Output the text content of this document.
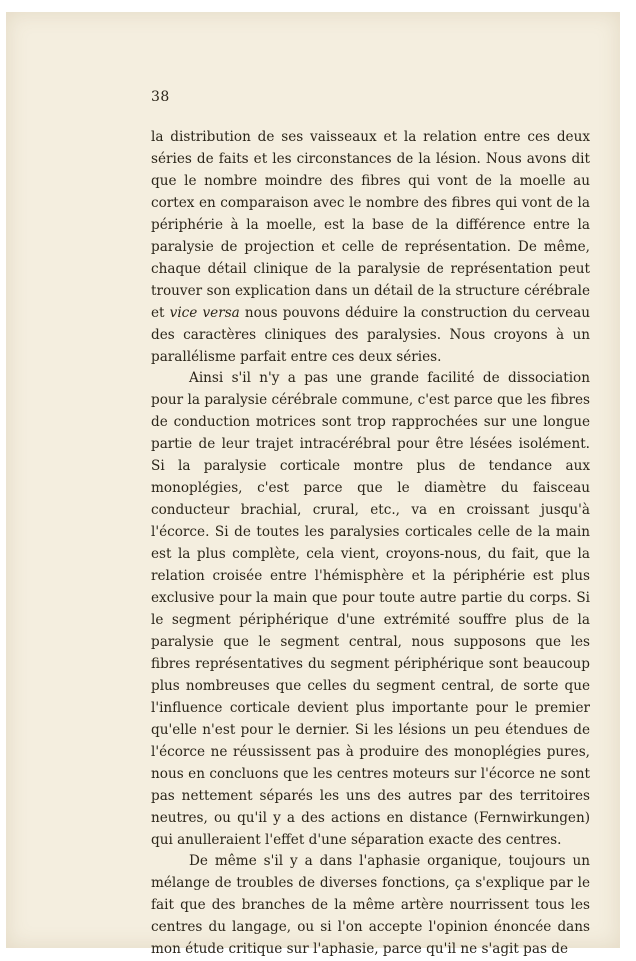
38

la distribution de ses vaisseaux et la relation entre ces deux séries de faits et les circonstances de la lésion. Nous avons dit que le nombre moindre des fibres qui vont de la moelle au cortex en comparaison avec le nombre des fibres qui vont de la périphérie à la moelle, est la base de la différence entre la paralysie de projection et celle de représentation. De même, chaque détail clinique de la paralysie de représentation peut trouver son explication dans un détail de la structure cérébrale et vice versa nous pouvons déduire la construction du cerveau des caractères cliniques des paralysies. Nous croyons à un parallélisme parfait entre ces deux séries.

Ainsi s'il n'y a pas une grande facilité de dissociation pour la paralysie cérébrale commune, c'est parce que les fibres de conduction motrices sont trop rapprochées sur une longue partie de leur trajet intracérébral pour être lésées isolément. Si la paralysie corticale montre plus de tendance aux monoplégies, c'est parce que le diamètre du faisceau conducteur brachial, crural, etc., va en croissant jusqu'à l'écorce. Si de toutes les paralysies corticales celle de la main est la plus complète, cela vient, croyons-nous, du fait, que la relation croisée entre l'hémisphère et la périphérie est plus exclusive pour la main que pour toute autre partie du corps. Si le segment périphérique d'une extrémité souffre plus de la paralysie que le segment central, nous supposons que les fibres représentatives du segment périphérique sont beaucoup plus nombreuses que celles du segment central, de sorte que l'influence corticale devient plus importante pour le premier qu'elle n'est pour le dernier. Si les lésions un peu étendues de l'écorce ne réussissent pas à produire des monoplégies pures, nous en concluons que les centres moteurs sur l'écorce ne sont pas nettement séparés les uns des autres par des territoires neutres, ou qu'il y a des actions en distance (Fernwirkungen) qui anulleraient l'effet d'une séparation exacte des centres.

De même s'il y a dans l'aphasie organique, toujours un mélange de troubles de diverses fonctions, ça s'explique par le fait que des branches de la même artère nourrissent tous les centres du langage, ou si l'on accepte l'opinion énoncée dans mon étude critique sur l'aphasie, parce qu'il ne s'agit pas de
